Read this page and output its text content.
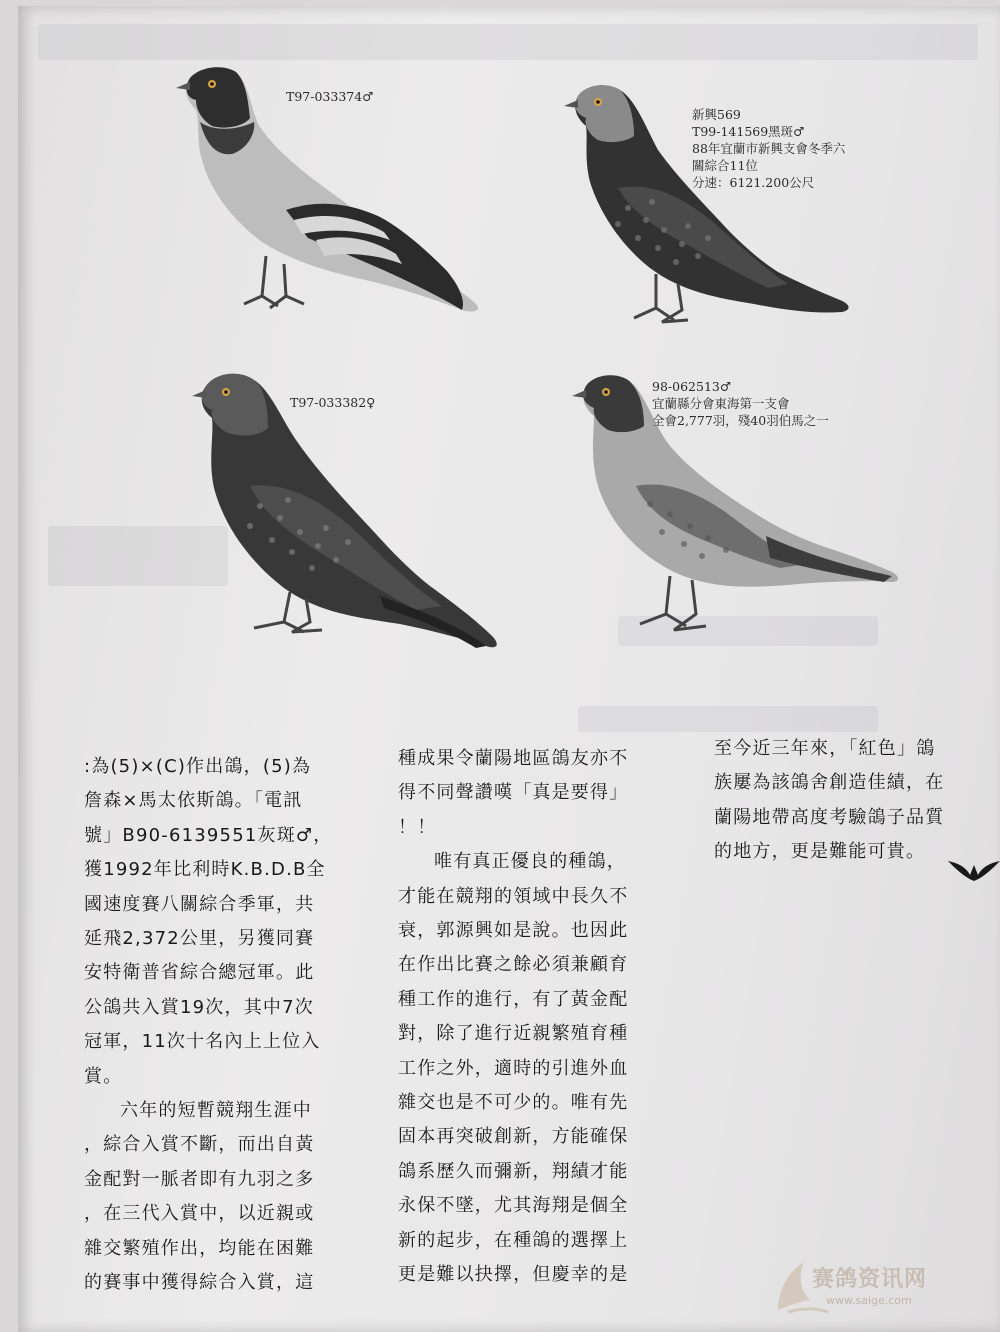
T97-033374♂
新興569
T99-141569黑斑♂
88年宜蘭市新興支會冬季六
關綜合11位
分速：6121.200公尺
T97-033382♀
98-062513♂
宜蘭縣分會東海第一支會
全會2,777羽，殘40羽伯馬之一

:為(5)×(C)作出鴿，(5)為

詹森×馬太依斯鴿。「電訊

號」B90-6139551灰斑♂，

獲1992年比利時K.B.D.B全

國速度賽八關綜合季軍，共

延飛2,372公里，另獲同賽

安特衛普省綜合總冠軍。此

公鴿共入賞19次，其中7次

冠軍，11次十名內上上位入

賞。

六年的短暫競翔生涯中

，綜合入賞不斷，而出自黃

金配對一脈者即有九羽之多

，在三代入賞中，以近親或

雜交繁殖作出，均能在困難

的賽事中獲得綜合入賞，這

種成果令蘭陽地區鴿友亦不

得不同聲讚嘆「真是要得」

！！

唯有真正優良的種鴿，

才能在競翔的領域中長久不

衰，郭源興如是說。也因此

在作出比賽之餘必須兼顧育

種工作的進行，有了黃金配

對，除了進行近親繁殖育種

工作之外，適時的引進外血

雜交也是不可少的。唯有先

固本再突破創新，方能確保

鴿系歷久而彌新，翔績才能

永保不墜，尤其海翔是個全

新的起步，在種鴿的選擇上

更是難以抉擇，但慶幸的是

至今近三年來，「紅色」鴿

族屢為該鴿舍創造佳績，在

蘭陽地帶高度考驗鴿子品質

的地方，更是難能可貴。

赛鸽资讯网
www.saige.com
